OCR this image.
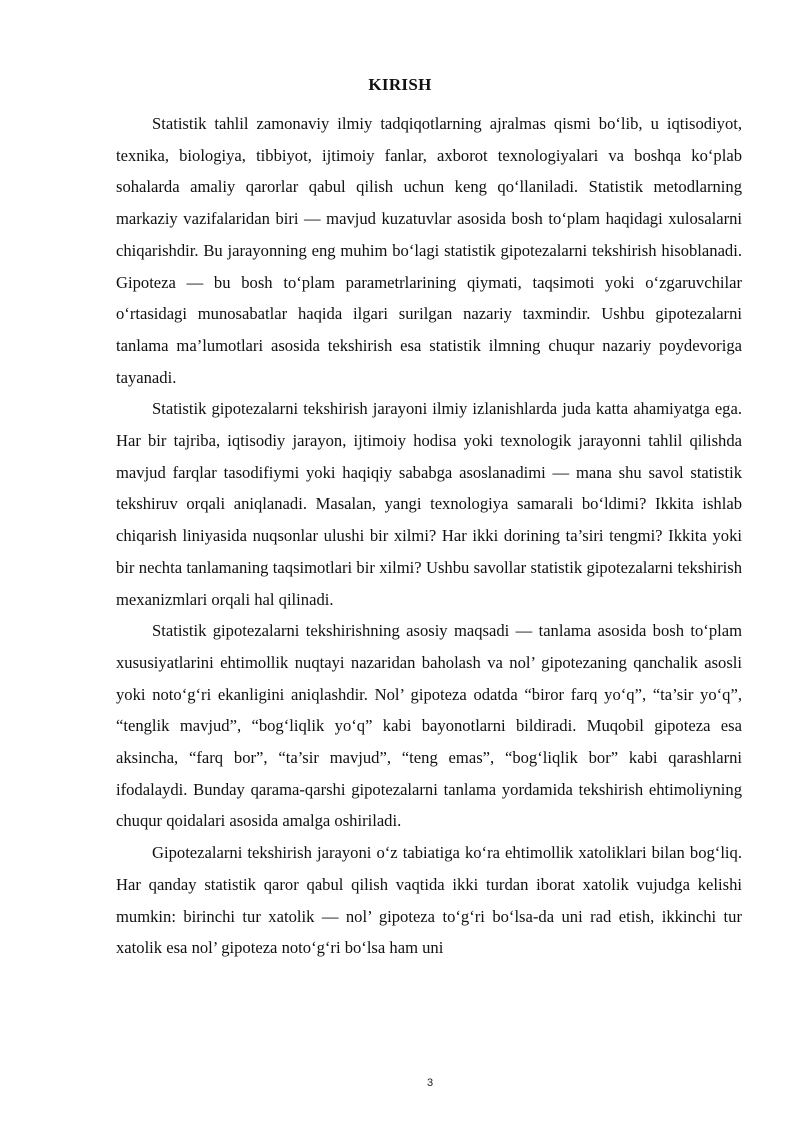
KIRISH

Statistik tahlil zamonaviy ilmiy tadqiqotlarning ajralmas qismi bo‘lib, u iqtisodiyot, texnika, biologiya, tibbiyot, ijtimoiy fanlar, axborot texnologiyalari va boshqa ko‘plab sohalarda amaliy qarorlar qabul qilish uchun keng qo‘llaniladi. Statistik metodlarning markaziy vazifalaridan biri — mavjud kuzatuvlar asosida bosh to‘plam haqidagi xulosalarni chiqarishdir. Bu jarayonning eng muhim bo‘lagi statistik gipotezalarni tekshirish hisoblanadi. Gipoteza — bu bosh to‘plam parametrlarining qiymati, taqsimoti yoki o‘zgaruvchilar o‘rtasidagi munosabatlar haqida ilgari surilgan nazariy taxmindir. Ushbu gipotezalarni tanlama ma’lumotlari asosida tekshirish esa statistik ilmning chuqur nazariy poydevoriga tayanadi.

Statistik gipotezalarni tekshirish jarayoni ilmiy izlanishlarda juda katta ahamiyatga ega. Har bir tajriba, iqtisodiy jarayon, ijtimoiy hodisa yoki texnologik jarayonni tahlil qilishda mavjud farqlar tasodifiymi yoki haqiqiy sababga asoslanadimi — mana shu savol statistik tekshiruv orqali aniqlanadi. Masalan, yangi texnologiya samarali bo‘ldimi? Ikkita ishlab chiqarish liniyasida nuqsonlar ulushi bir xilmi? Har ikki dorining ta’siri tengmi? Ikkita yoki bir nechta tanlamaning taqsimotlari bir xilmi? Ushbu savollar statistik gipotezalarni tekshirish mexanizmlari orqali hal qilinadi.

Statistik gipotezalarni tekshirishning asosiy maqsadi — tanlama asosida bosh to‘plam xususiyatlarini ehtimollik nuqtayi nazaridan baholash va nol’ gipotezaning qanchalik asosli yoki noto‘g‘ri ekanligini aniqlashdir. Nol’ gipoteza odatda “biror farq yo‘q”, “ta’sir yo‘q”, “tenglik mavjud”, “bog‘liqlik yo‘q” kabi bayonotlarni bildiradi. Muqobil gipoteza esa aksincha, “farq bor”, “ta’sir mavjud”, “teng emas”, “bog‘liqlik bor” kabi qarashlarni ifodalaydi. Bunday qarama-qarshi gipotezalarni tanlama yordamida tekshirish ehtimoliyning chuqur qoidalari asosida amalga oshiriladi.

Gipotezalarni tekshirish jarayoni o‘z tabiatiga ko‘ra ehtimollik xatoliklari bilan bog‘liq. Har qanday statistik qaror qabul qilish vaqtida ikki turdan iborat xatolik vujudga kelishi mumkin: birinchi tur xatolik — nol’ gipoteza to‘g‘ri bo‘lsa-da uni rad etish, ikkinchi tur xatolik esa nol’ gipoteza noto‘g‘ri bo‘lsa ham uni

3
